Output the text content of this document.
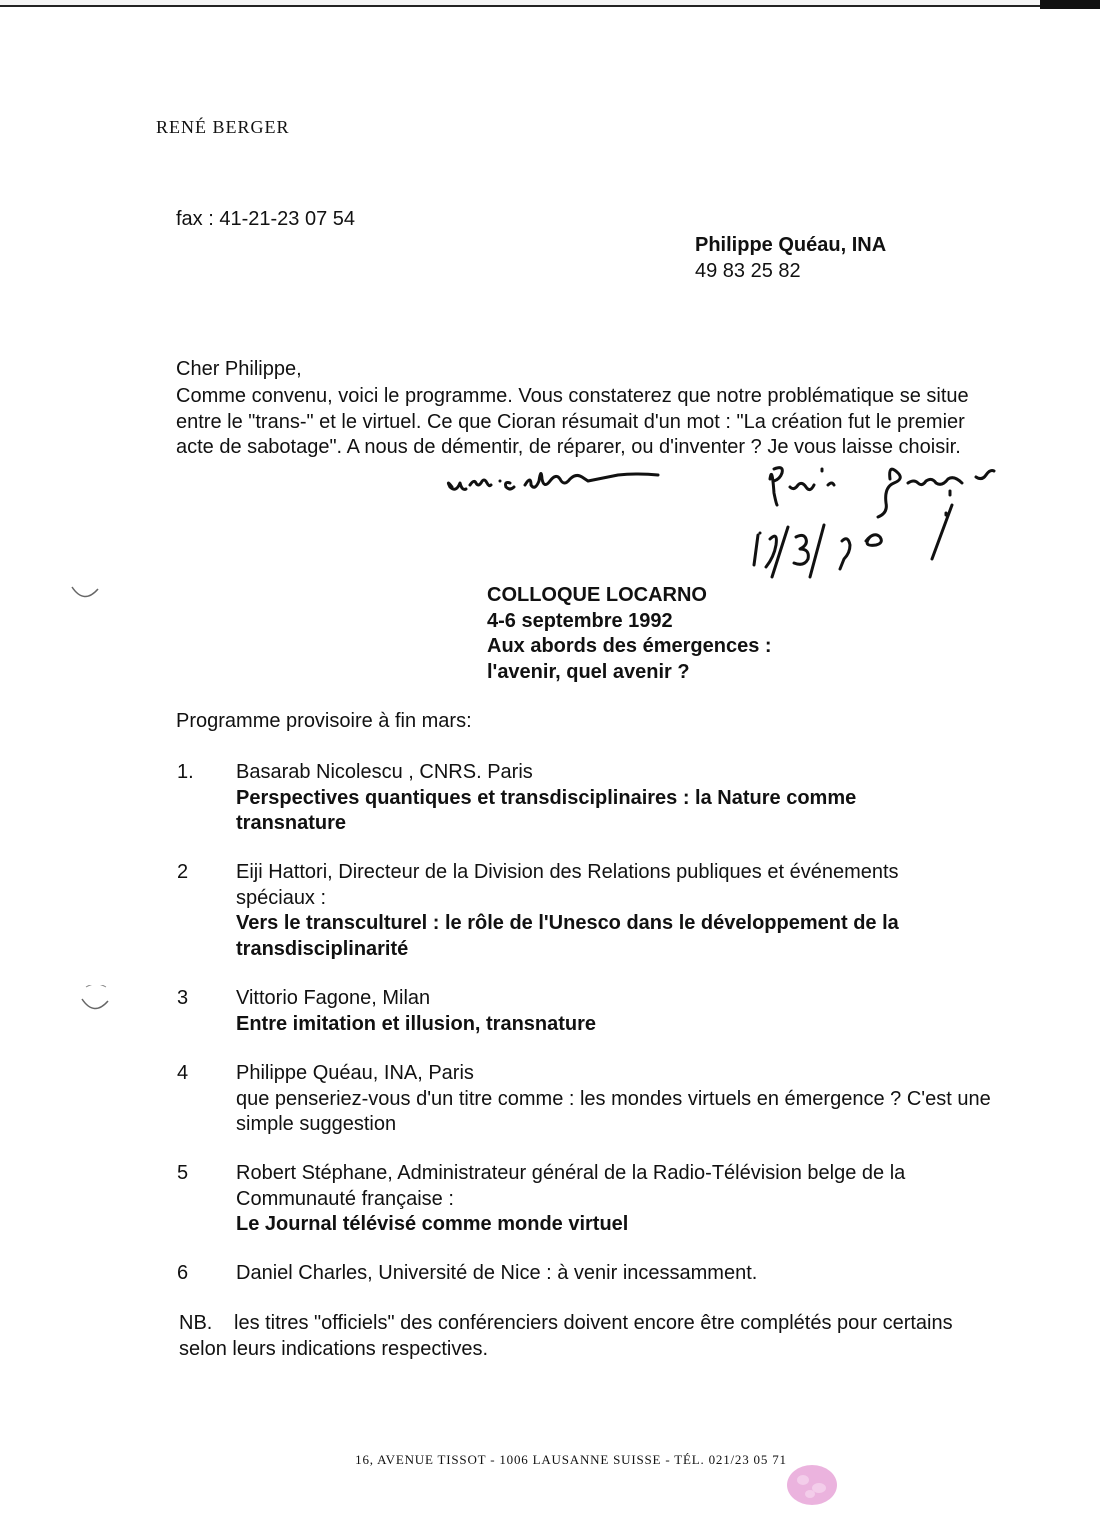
RENÉ BERGER
fax : 41-21-23 07 54
Philippe Quéau, INA
49 83 25 82
Cher Philippe,
Comme convenu, voici le programme. Vous constaterez que notre problématique se situe
entre le "trans-" et le virtuel. Ce que Cioran résumait d'un mot : "La création fut le premier
acte de sabotage". A nous de démentir, de réparer, ou d'inventer ? Je vous laisse choisir.
COLLOQUE LOCARNO
4-6 septembre 1992
Aux abords des émergences :
l'avenir, quel avenir ?
Programme provisoire à fin mars:
1. Basarab Nicolescu , CNRS. Paris
Perspectives quantiques et transdisciplinaires : la Nature comme
transnature
2 Eiji Hattori, Directeur de la Division des Relations publiques et événements
spéciaux :
Vers le transculturel : le rôle de l'Unesco dans le développement de la
transdisciplinarité
3 Vittorio Fagone, Milan
Entre imitation et illusion, transnature
4 Philippe Quéau, INA, Paris
que penseriez-vous d'un titre comme : les mondes virtuels en émergence ? C'est une
simple suggestion
5 Robert Stéphane, Administrateur général de la Radio-Télévision belge de la
Communauté française :
Le Journal télévisé comme monde virtuel
6 Daniel Charles, Université de Nice : à venir incessamment.
NB. les titres "officiels" des conférenciers doivent encore être complétés pour certains
selon leurs indications respectives.
16, AVENUE TISSOT - 1006 LAUSANNE SUISSE - TÉL. 021/23 05 71
